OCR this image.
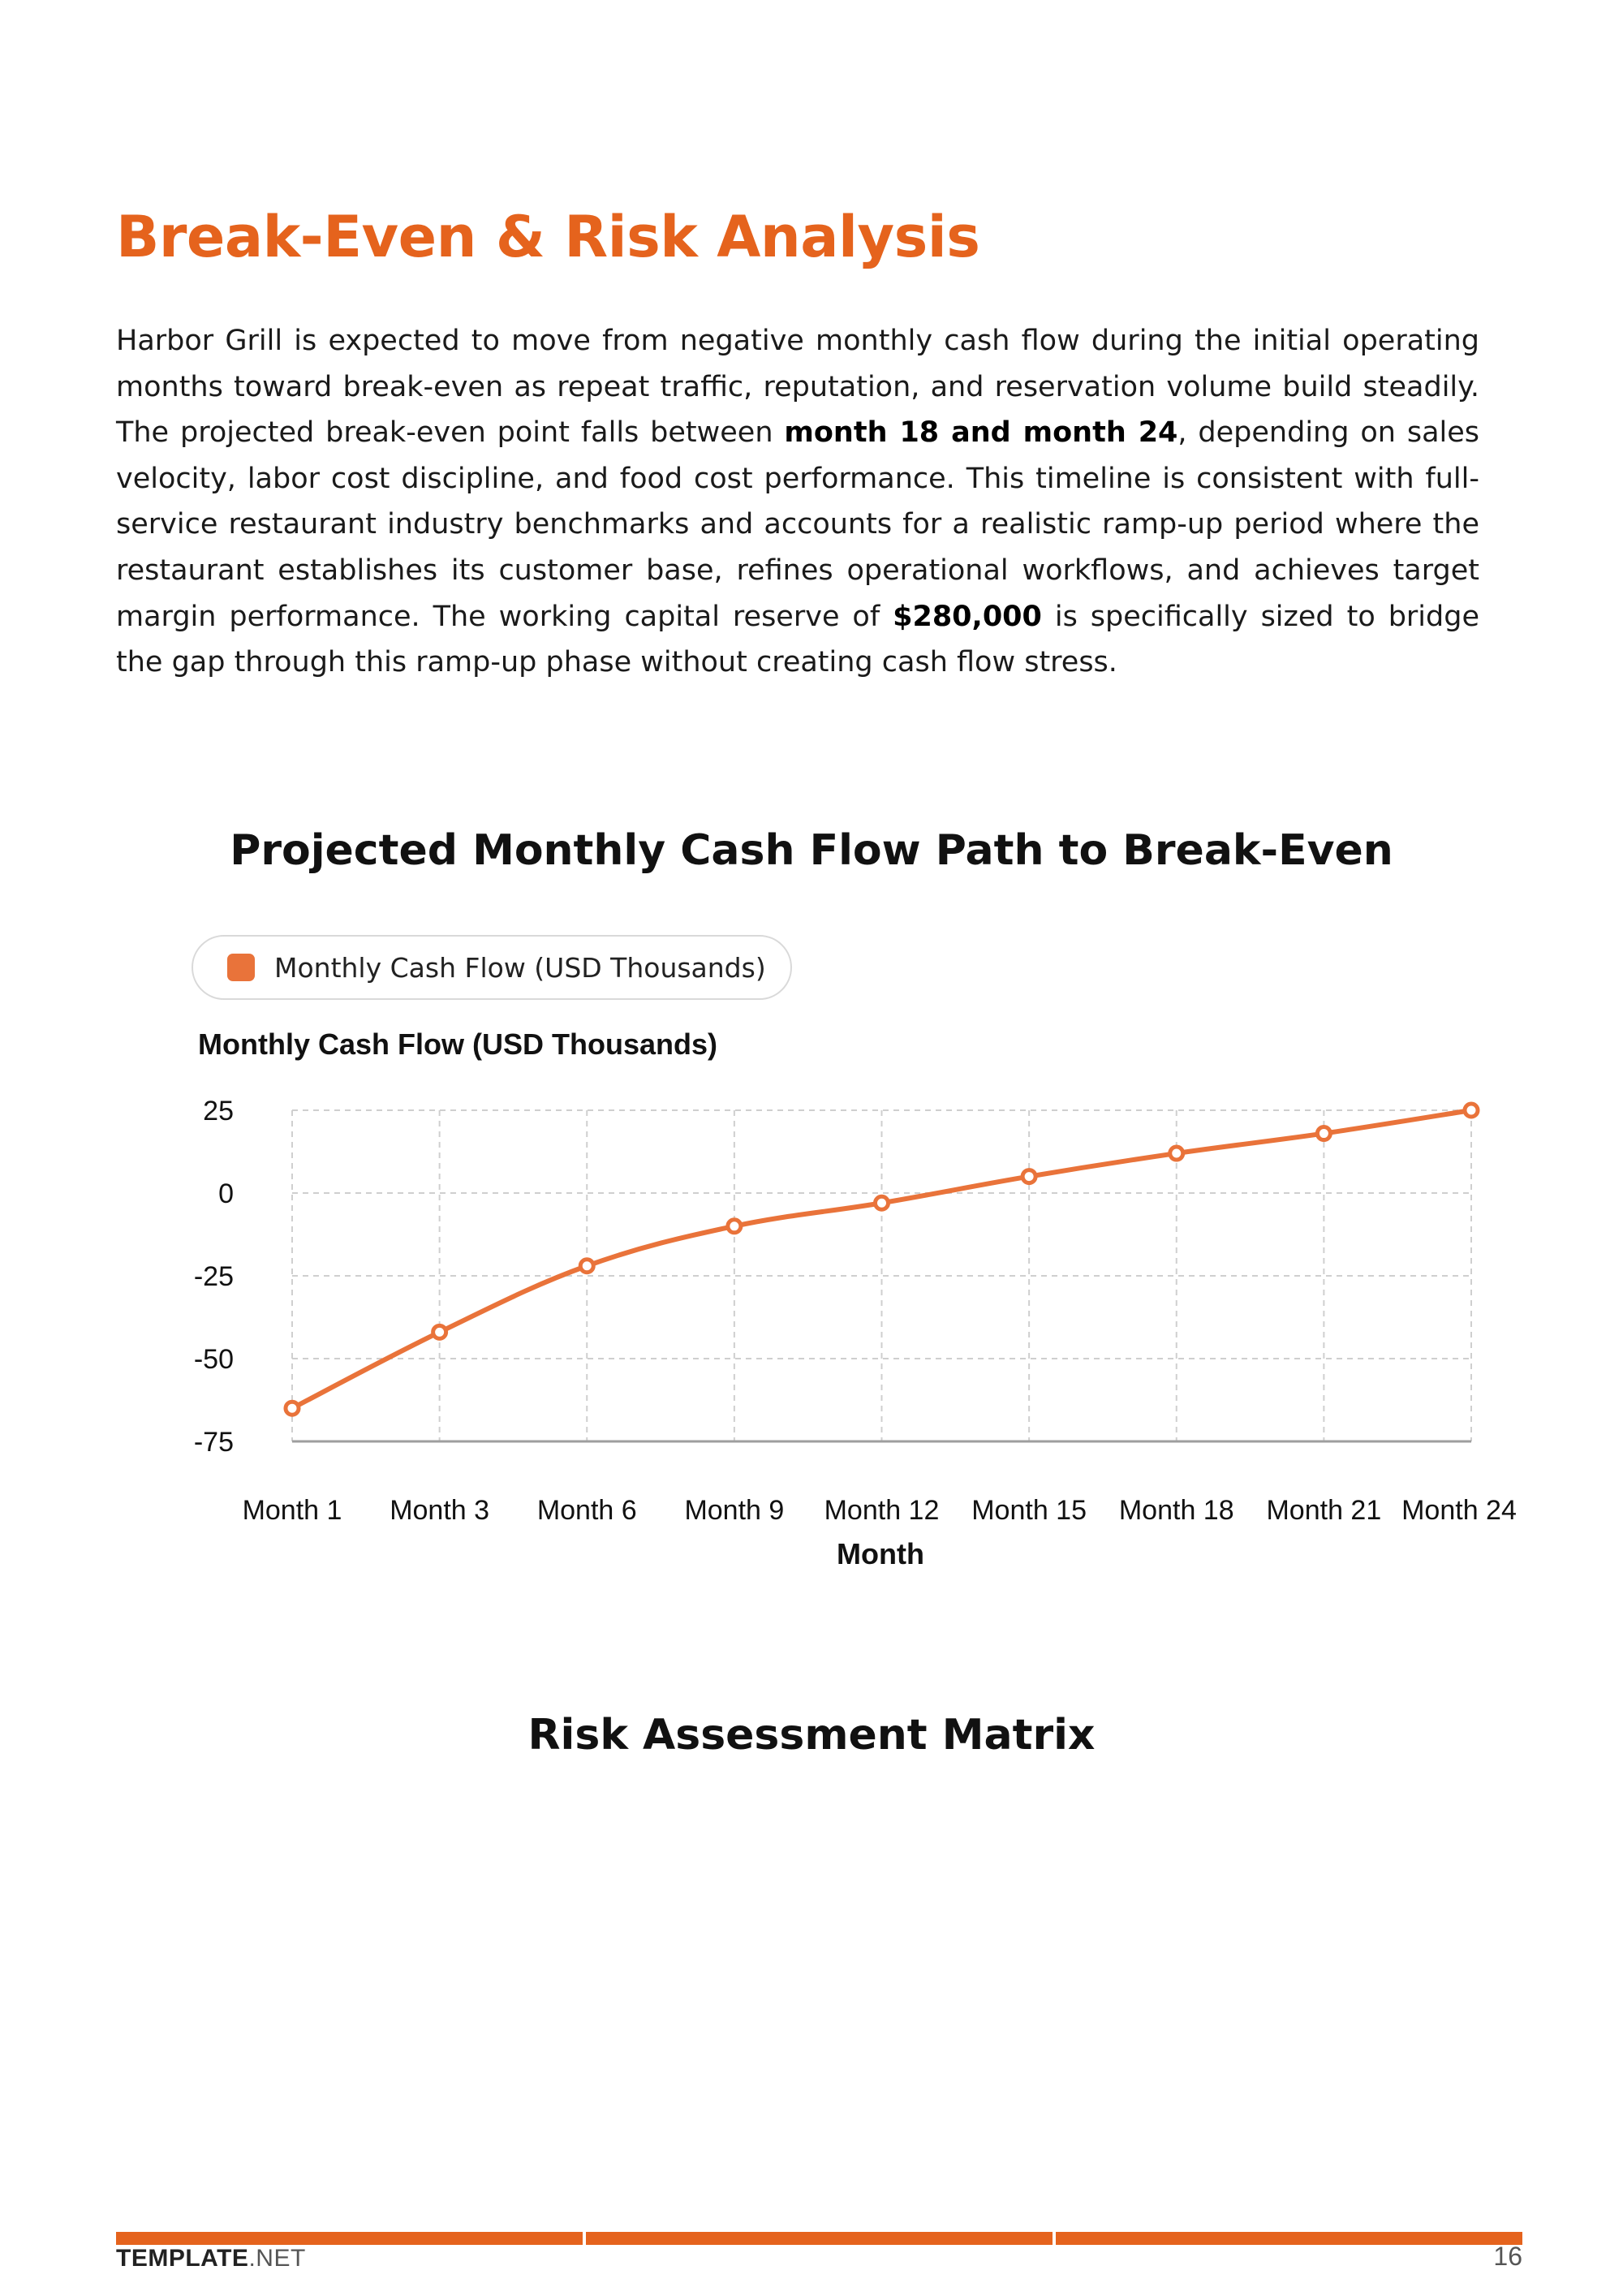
Break-Even & Risk Analysis

Harbor Grill is expected to move from negative monthly cash flow during the initial operating months toward break-even as repeat traffic, reputation, and reservation volume build steadily. The projected break-even point falls between month 18 and month 24, depending on sales velocity, labor cost discipline, and food cost performance. This timeline is consistent with full-service restaurant industry benchmarks and accounts for a realistic ramp-up period where the restaurant establishes its customer base, refines operational workflows, and achieves target margin performance. The working capital reserve of $280,000 is specifically sized to bridge the gap through this ramp-up phase without creating cash flow stress.

Projected Monthly Cash Flow Path to Break-Even
Monthly Cash Flow (USD Thousands)
Monthly Cash Flow (USD Thousands)
25
0
-25
-50
-75
Month 1 Month 3 Month 6 Month 9 Month 12 Month 15 Month 18 Month 21 Month 24
Month
Risk Assessment Matrix
TEMPLATE.NET	16
